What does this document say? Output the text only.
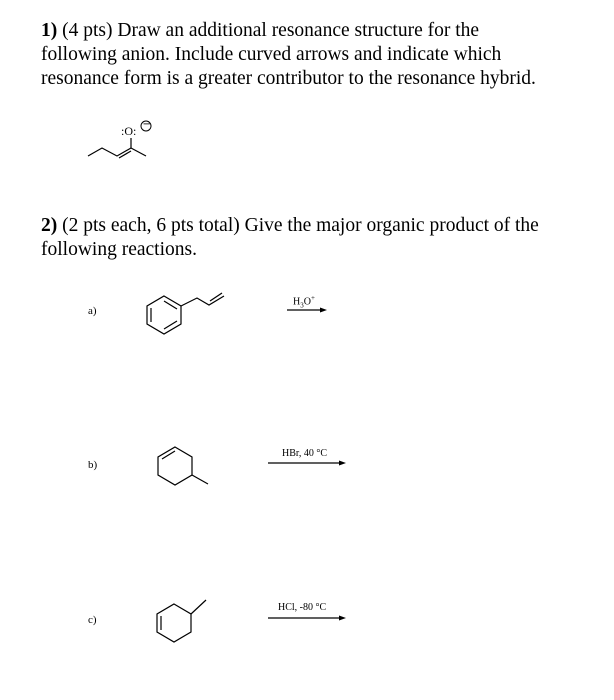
1) (4 pts) Draw an additional resonance structure for the
following anion. Include curved arrows and indicate which
resonance form is a greater contributor to the resonance hybrid.
:O: −
2) (2 pts each, 6 pts total) Give the major organic product of the
following reactions.
a)
b)
c)
$H_3O^+$
HBr, 40 °C
HCl, -80 °C
